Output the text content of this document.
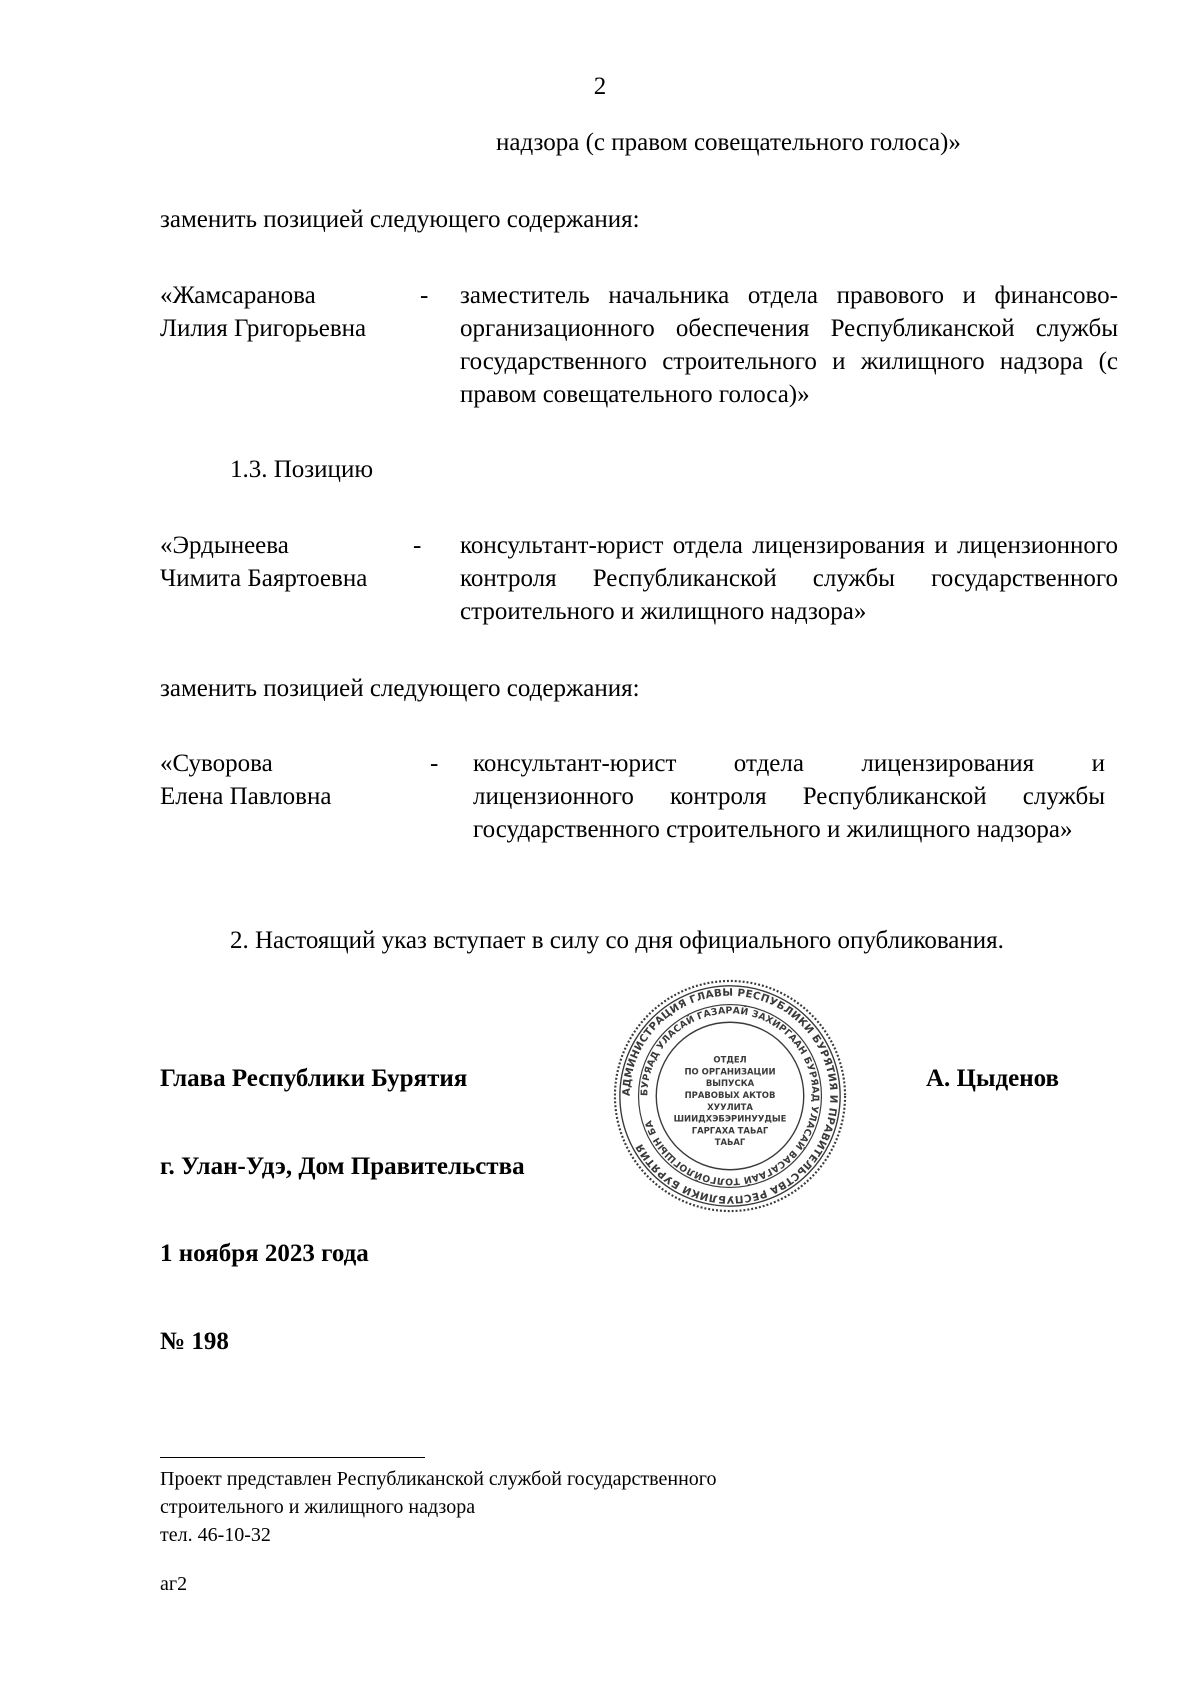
2

надзора (с правом совещательного голоса)»

заменить позицией следующего содержания:

«Жамсаранова
Лилия Григорьевна
- заместитель начальника отдела правового и финансово-организационного обеспечения Республиканской службы государственного строительного и жилищного надзора (с правом совещательного голоса)»

1.3. Позицию

«Эрдынеева
Чимита Баяртоевна
- консультант-юрист отдела лицензирования и лицензионного контроля Республиканской службы государственного строительного и жилищного надзора»

заменить позицией следующего содержания:

«Суворова
Елена Павловна
- консультант-юрист отдела лицензирования и лицензионного контроля Республиканской службы государственного строительного и жилищного надзора»

2. Настоящий указ вступает в силу со дня официального опубликования.

Глава Республики Бурятия	А. Цыденов
г. Улан-Удэ, Дом Правительства
1 ноября 2023 года
№ 198
АДМИНИСТРАЦИЯ ГЛАВЫ РЕСПУБЛИКИ БУРЯТИЯ И ПРАВИТЕЛЬСТВА РЕСПУБЛИКИ БУРЯТИЯ
БУРЯАД УЛАСАЙ ГАЗАРАЙ ЗАХИРГААН БУРЯАД УЛАСАЙ ВАСАГААЙ ТОЛГОЙЛОГШЫН БА
ОТДЕЛ
ПО ОРГАНИЗАЦИИ
ВЫПУСКА
ПРАВОВЫХ АКТОВ
ХУУЛИТА
ШИИДХЭБЭРИНУУДЫЕ
ГАРГАХА ТАЬАГ
ТАЬАГ
Проект представлен Республиканской службой государственного
строительного и жилищного надзора
тел. 46-10-32
аг2
